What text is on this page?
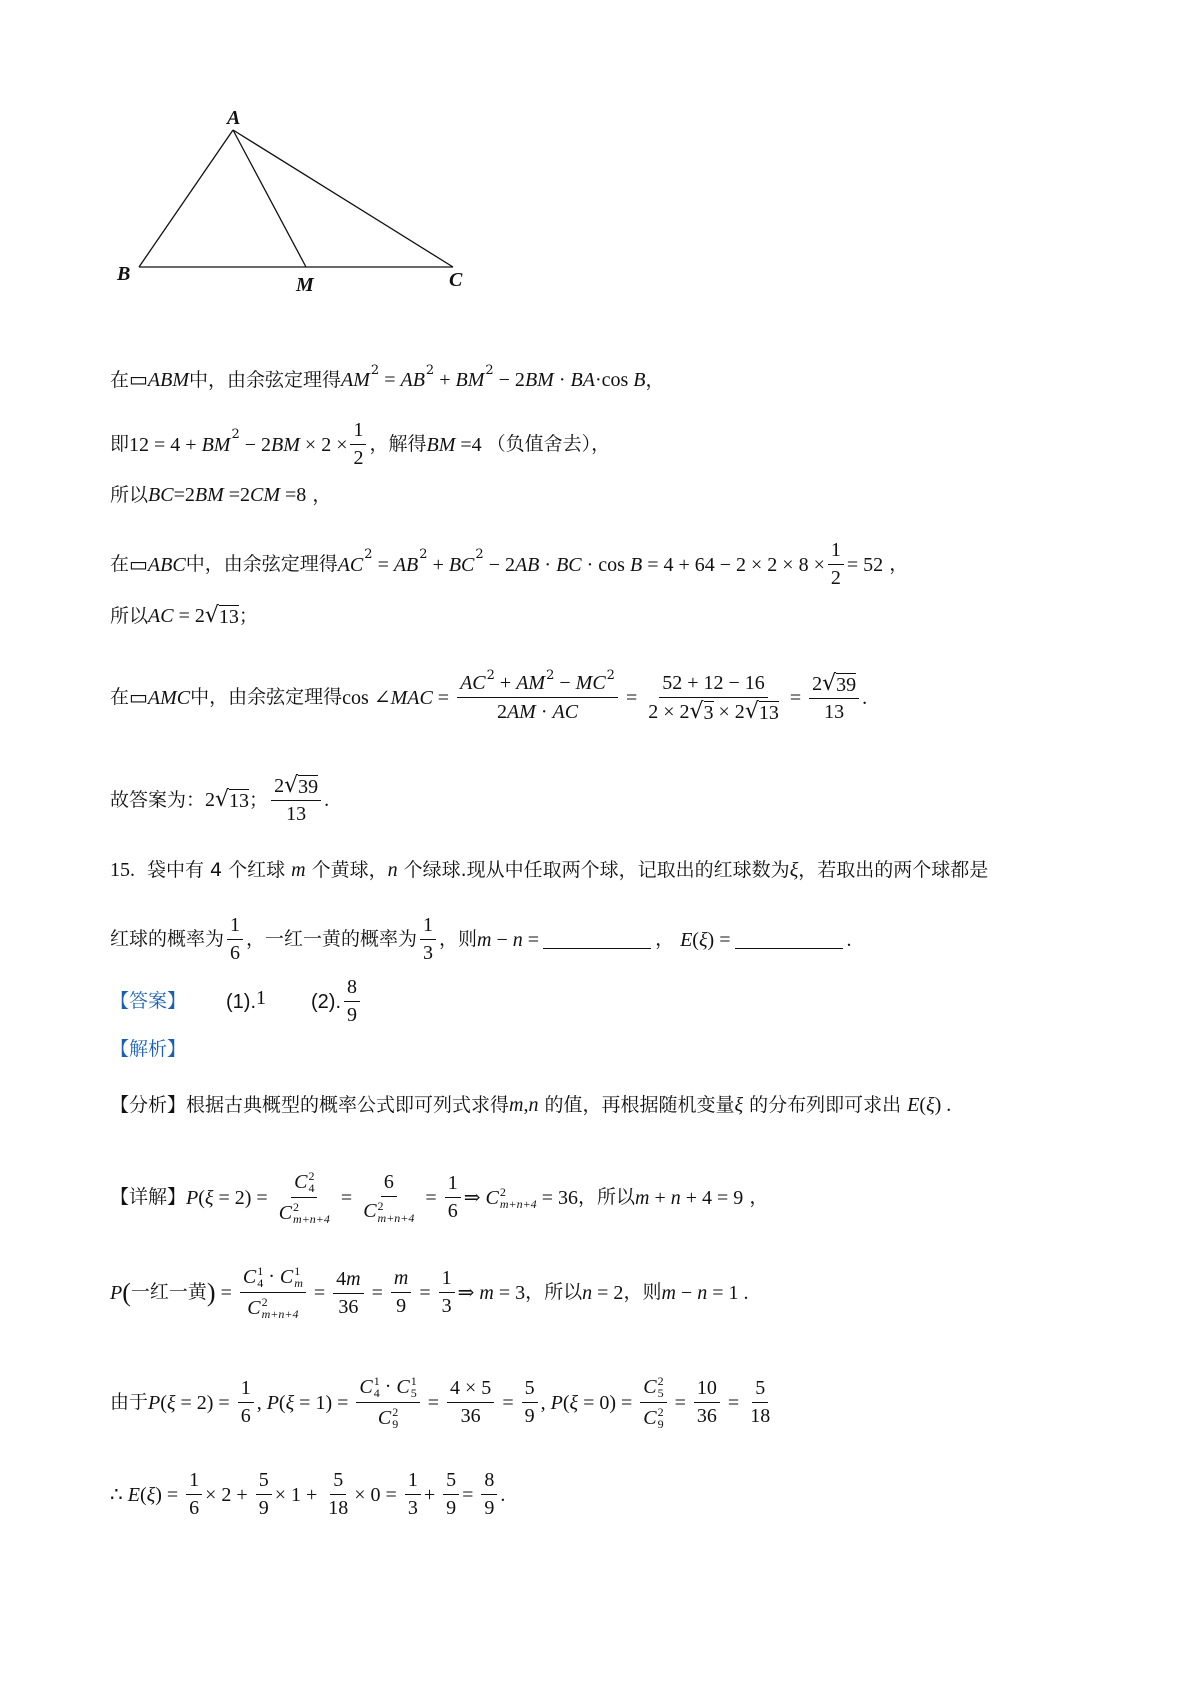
A
B	M	C
在 ▭ ABM 中，由余弦定理得 AM 2 = AB 2 + BM 2 − 2 BM · BA ·cos B ，
即 12 = 4 + BM 2 − 2 BM × $2 \times \frac{1}{2}$ ，解得 BM =4 （负值舍去），
所以 BC =2 BM =2 CM =8 ，
在 ▭ ABC 中，由余弦定理得 AC 2 = AB 2 + BC 2 − 2 AB · BC · $\cos B = 4 + 64 - 2 \times 2 \times 8 \times \frac{1}{2} = 52$ ，
所以 AC = 2 √ 13 ；
在 ▭ AMC 中，由余弦定理得 cos ∠ MAC = $\frac{AC^2 + AM^2 - MC^2}{2AM \cdot AC} = \frac{52 + 12 - 16}{2 \times 2 √ 3 \times 2 √ 13} = \frac{2 √ 39}{13}$ .
故答案为： 2 √ 13 ； $\frac{2 √ 39}{13}$ .
15. 袋中有 4 个红球 m 个黄球， n 个绿球.现从中任取两个球，记取出的红球数为 ξ ，若取出的两个球都是
红球的概率为 $\frac{1}{6}$ ，一红一黄的概率为 $\frac{1}{3}$ ，则 m − n =	， E ( ξ ) =	.
【答案】 (1). 1 (2). $\frac{8}{9}$
【解析】
【分析】 根据古典概型的概率公式即可列式求得 m , n 的值，再根据随机变量 ξ 的分布列即可求出 E ( ξ ) .
【详解】 P ( ξ = 2) = C 2
4
C 2
m+n+4 = 6
C 2
$m+n+4 = \frac{1}{6}$ ⇒ C 2
m+n+4 = 36 ，所以 m + n + 4 = 9 ，
P ( 一红一黄 ) = C 1
4 · C 1
m
C 2
$m+n+4 = \frac{4m}{36} = \frac{m}{9} = \frac{1}{3}$ ⇒ m = 3 ，所以 n = 2 ，则 m − n = 1 .
由于 P ( $\xi = 2) = \frac{1}{6}$ , P ( ξ = 1) = C 1
4 · C 1
5
C 2
$9 = \frac{4 \times 5}{36} = \frac{5}{9}$ , P ( ξ = 0) = C 2
5
C 2
$9 = \frac{10}{36} = \frac{5}{18}$
∴ E ( ξ ) = $\frac{1}{6} \times 2 + \frac{5}{9} \times 1 + \frac{5}{18} \times 0 = \frac{1}{3} + \frac{5}{9} = \frac{8}{9}$ .
